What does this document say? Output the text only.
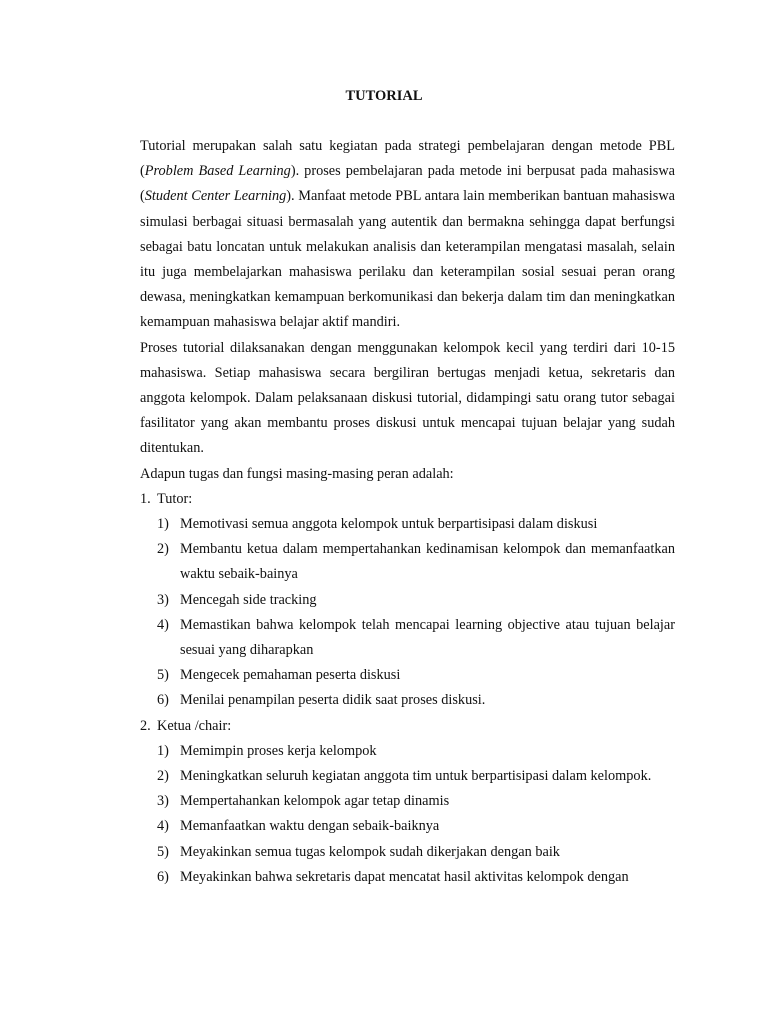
TUTORIAL

Tutorial merupakan salah satu kegiatan pada strategi pembelajaran dengan metode PBL (Problem Based Learning). proses pembelajaran pada metode ini berpusat pada mahasiswa (Student Center Learning). Manfaat metode PBL antara lain memberikan bantuan mahasiswa simulasi berbagai situasi bermasalah yang autentik dan bermakna sehingga dapat berfungsi sebagai batu loncatan untuk melakukan analisis dan keterampilan mengatasi masalah, selain itu juga membelajarkan mahasiswa perilaku dan keterampilan sosial sesuai peran orang dewasa, meningkatkan kemampuan berkomunikasi dan bekerja dalam tim dan meningkatkan kemampuan mahasiswa belajar aktif mandiri.

Proses tutorial dilaksanakan dengan menggunakan kelompok kecil yang terdiri dari 10-15 mahasiswa. Setiap mahasiswa secara bergiliran bertugas menjadi ketua, sekretaris dan anggota kelompok. Dalam pelaksanaan diskusi tutorial, didampingi satu orang tutor sebagai fasilitator yang akan membantu proses diskusi untuk mencapai tujuan belajar yang sudah ditentukan.

Adapun tugas dan fungsi masing-masing peran adalah:

1. Tutor:
1) Memotivasi semua anggota kelompok untuk berpartisipasi dalam diskusi
2) Membantu ketua dalam mempertahankan kedinamisan kelompok dan memanfaatkan waktu sebaik-bainya
3) Mencegah side tracking
4) Memastikan bahwa kelompok telah mencapai learning objective atau tujuan belajar sesuai yang diharapkan
5) Mengecek pemahaman peserta diskusi
6) Menilai penampilan peserta didik saat proses diskusi.
2. Ketua /chair:
1) Memimpin proses kerja kelompok
2) Meningkatkan seluruh kegiatan anggota tim untuk berpartisipasi dalam kelompok.
3) Mempertahankan kelompok agar tetap dinamis
4) Memanfaatkan waktu dengan sebaik-baiknya
5) Meyakinkan semua tugas kelompok sudah dikerjakan dengan baik
6) Meyakinkan bahwa sekretaris dapat mencatat hasil aktivitas kelompok dengan
